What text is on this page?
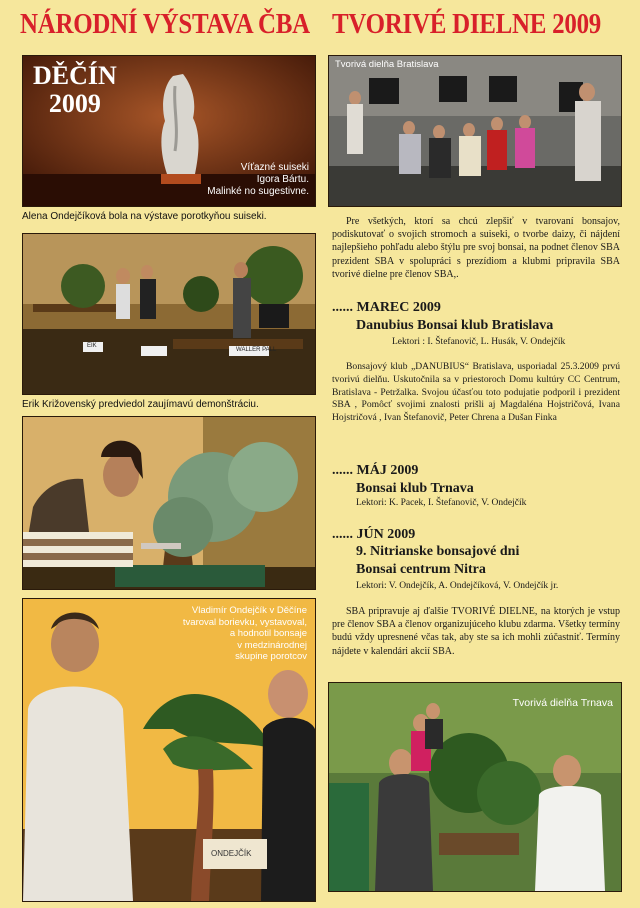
NÁRODNÍ VÝSTAVA ČBA TVORIVÉ DIELNE 2009
DĚČÍN
2009
Víťazné suiseki
Igora Bártu.
Malinké no sugestivne.
Alena Ondejčíková bola na výstave porotkyňou suiseki.
WALLER PALL
EIK
Erik Križovenský predviedol zaujímavú demonštráciu.
ONDEJČÍK
Vladimír Ondejčík v Děčíne
tvaroval borievku, vystavoval,
a hodnotil bonsaje
v medzinárodnej
skupine porotcov
Tvorivá dielňa Bratislava
Pre všetkých, ktorí sa chcú zlepšiť v tvarovaní bonsajov, podiskutovať o svojich stromoch a suiseki, o tvorbe daizy, či nájdení najlepšieho pohľadu alebo štýlu pre svoj bonsai, na podnet členov SBA prezident SBA v spolupráci s prezídiom a klubmi pripravila SBA tvorivé dielne pre členov SBA,.
...... MAREC 2009
Danubius Bonsai klub Bratislava
Lektori : I. Štefanovič, L. Husák, V. Ondejčík
Bonsajový klub „DANUBIUS“ Bratislava, usporiadal 25.3.2009 prvú tvorivú dielňu. Uskutočnila sa v priestoroch Domu kultúry CC Centrum, Bratislava - Petržalka. Svojou účasťou toto podujatie podporil i prezident SBA , Pomôcť svojimi znalosti prišli aj Magdaléna Hojstričová, Ivana Hojstričová , Ivan Štefanovič, Peter Chrena a Dušan Finka
...... MÁJ 2009
Bonsai klub Trnava
Lektori: K. Pacek, I. Štefanovič, V. Ondejčík
...... JÚN 2009
9. Nitrianske bonsajové dni
Bonsai centrum Nitra
Lektori: V. Ondejčík, A. Ondejčíková, V. Ondejčík jr.
SBA pripravuje aj ďalšie TVORIVÉ DIELNE, na ktorých je vstup pre členov SBA a členov organizujúceho klubu zdarma. Všetky termíny budú vždy upresnené včas tak, aby ste sa ich mohli zúčastniť. Termíny nájdete v kalendári akcií SBA.
Tvorivá dielňa Trnava
